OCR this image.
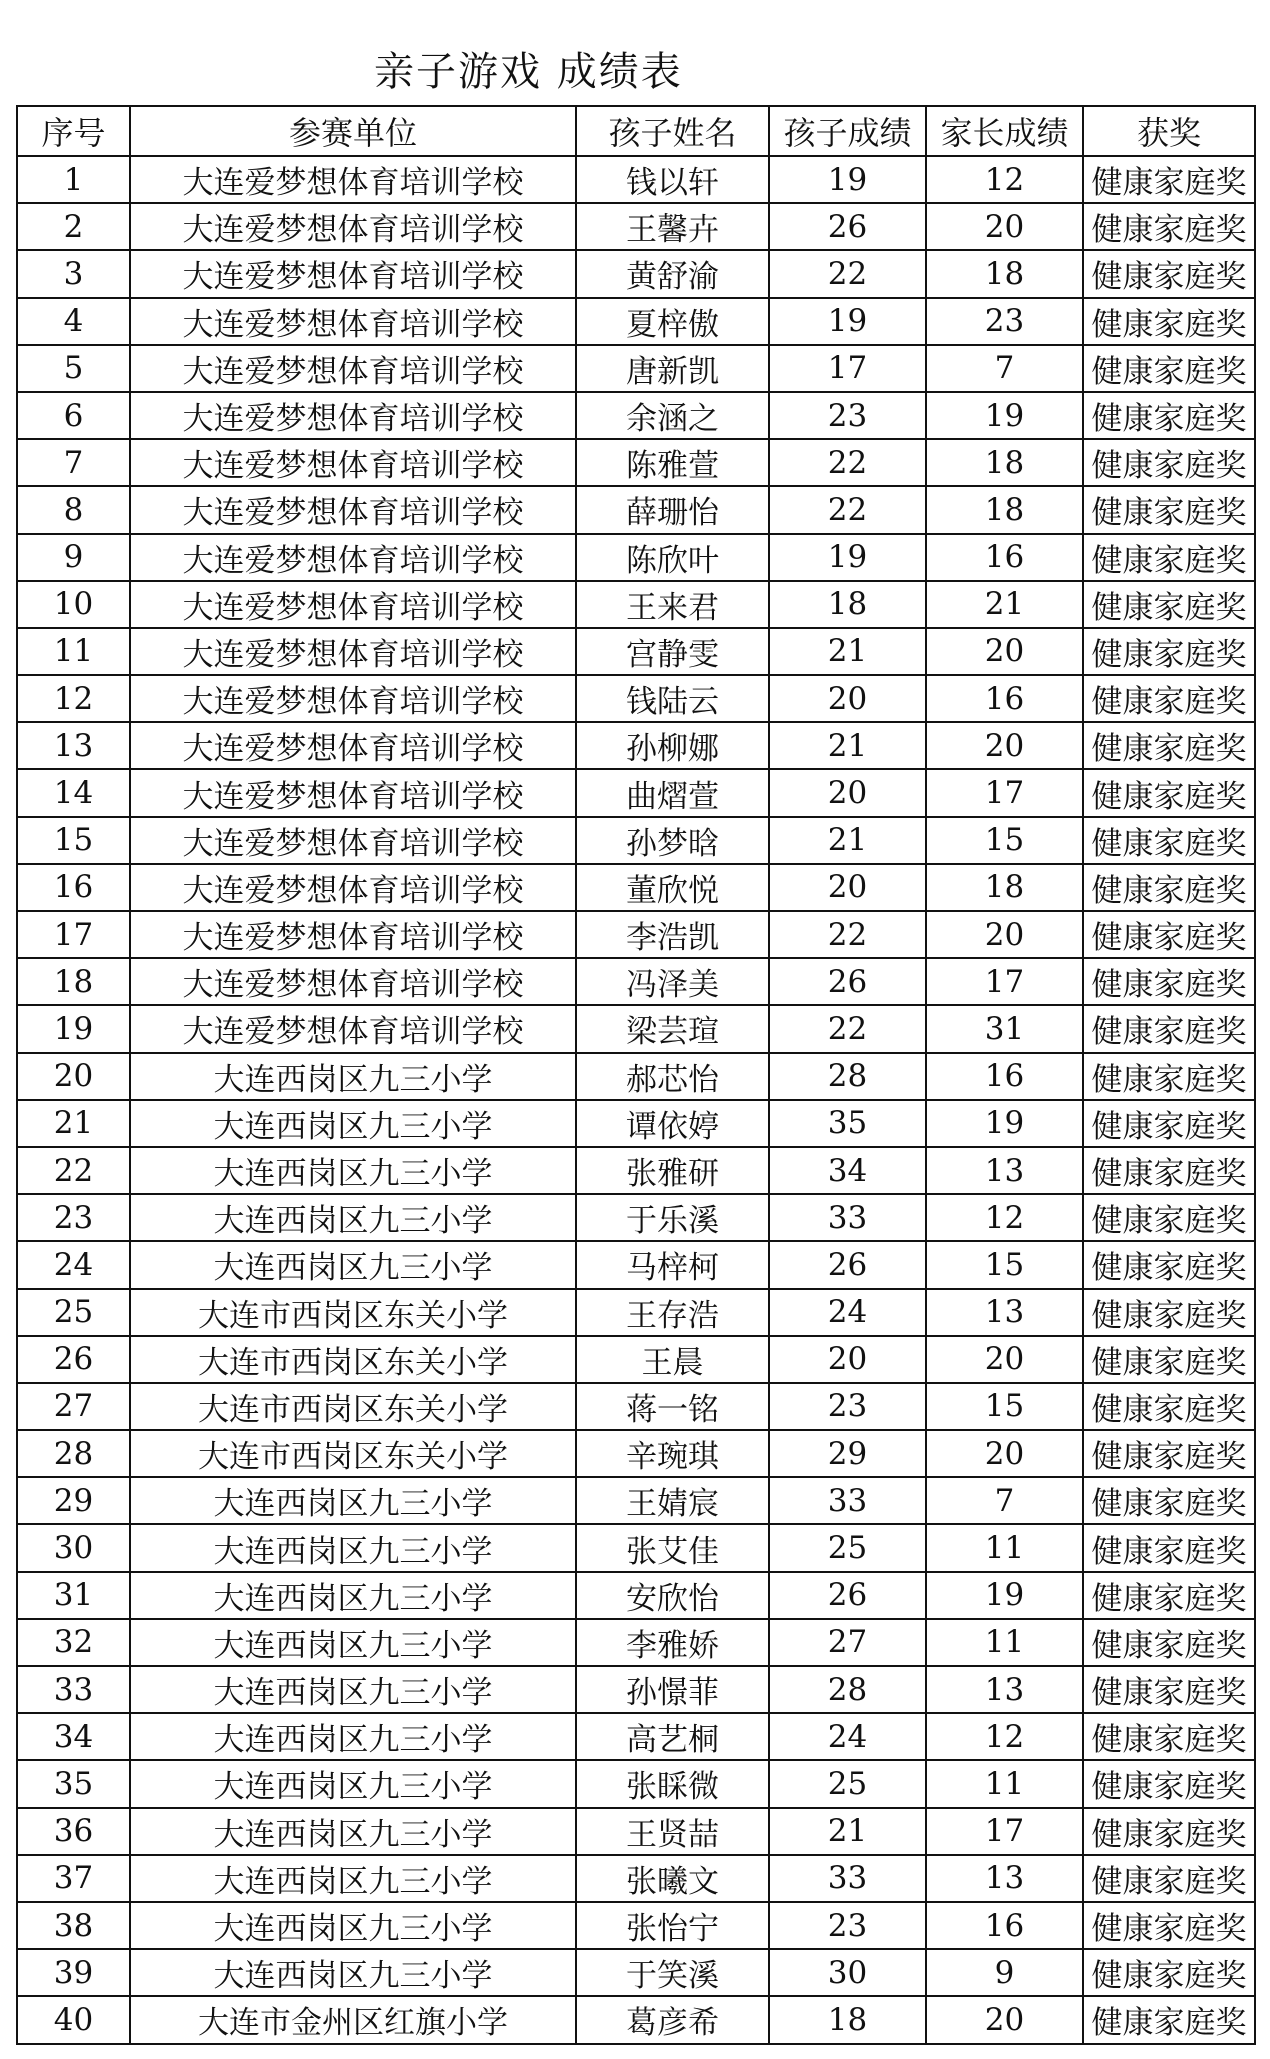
亲子游戏 成绩表
序号	参赛单位	孩子姓名	孩子成绩	家长成绩	获奖
1	大连爱梦想体育培训学校	钱以轩	19	12	健康家庭奖
2	大连爱梦想体育培训学校	王馨卉	26	20	健康家庭奖
3	大连爱梦想体育培训学校	黄舒渝	22	18	健康家庭奖
4	大连爱梦想体育培训学校	夏梓傲	19	23	健康家庭奖
5	大连爱梦想体育培训学校	唐新凯	17	7	健康家庭奖
6	大连爱梦想体育培训学校	余涵之	23	19	健康家庭奖
7	大连爱梦想体育培训学校	陈雅萱	22	18	健康家庭奖
8	大连爱梦想体育培训学校	薛珊怡	22	18	健康家庭奖
9	大连爱梦想体育培训学校	陈欣叶	19	16	健康家庭奖
10	大连爱梦想体育培训学校	王来君	18	21	健康家庭奖
11	大连爱梦想体育培训学校	宫静雯	21	20	健康家庭奖
12	大连爱梦想体育培训学校	钱陆云	20	16	健康家庭奖
13	大连爱梦想体育培训学校	孙柳娜	21	20	健康家庭奖
14	大连爱梦想体育培训学校	曲熠萱	20	17	健康家庭奖
15	大连爱梦想体育培训学校	孙梦晗	21	15	健康家庭奖
16	大连爱梦想体育培训学校	董欣悦	20	18	健康家庭奖
17	大连爱梦想体育培训学校	李浩凯	22	20	健康家庭奖
18	大连爱梦想体育培训学校	冯泽美	26	17	健康家庭奖
19	大连爱梦想体育培训学校	梁芸瑄	22	31	健康家庭奖
20	大连西岗区九三小学	郝芯怡	28	16	健康家庭奖
21	大连西岗区九三小学	谭依婷	35	19	健康家庭奖
22	大连西岗区九三小学	张雅研	34	13	健康家庭奖
23	大连西岗区九三小学	于乐溪	33	12	健康家庭奖
24	大连西岗区九三小学	马梓柯	26	15	健康家庭奖
25	大连市西岗区东关小学	王存浩	24	13	健康家庭奖
26	大连市西岗区东关小学	王晨	20	20	健康家庭奖
27	大连市西岗区东关小学	蒋一铭	23	15	健康家庭奖
28	大连市西岗区东关小学	辛琬琪	29	20	健康家庭奖
29	大连西岗区九三小学	王婧宸	33	7	健康家庭奖
30	大连西岗区九三小学	张艾佳	25	11	健康家庭奖
31	大连西岗区九三小学	安欣怡	26	19	健康家庭奖
32	大连西岗区九三小学	李雅娇	27	11	健康家庭奖
33	大连西岗区九三小学	孙憬菲	28	13	健康家庭奖
34	大连西岗区九三小学	高艺桐	24	12	健康家庭奖
35	大连西岗区九三小学	张睬微	25	11	健康家庭奖
36	大连西岗区九三小学	王贤喆	21	17	健康家庭奖
37	大连西岗区九三小学	张曦文	33	13	健康家庭奖
38	大连西岗区九三小学	张怡宁	23	16	健康家庭奖
39	大连西岗区九三小学	于笑溪	30	9	健康家庭奖
40	大连市金州区红旗小学	葛彦希	18	20	健康家庭奖
